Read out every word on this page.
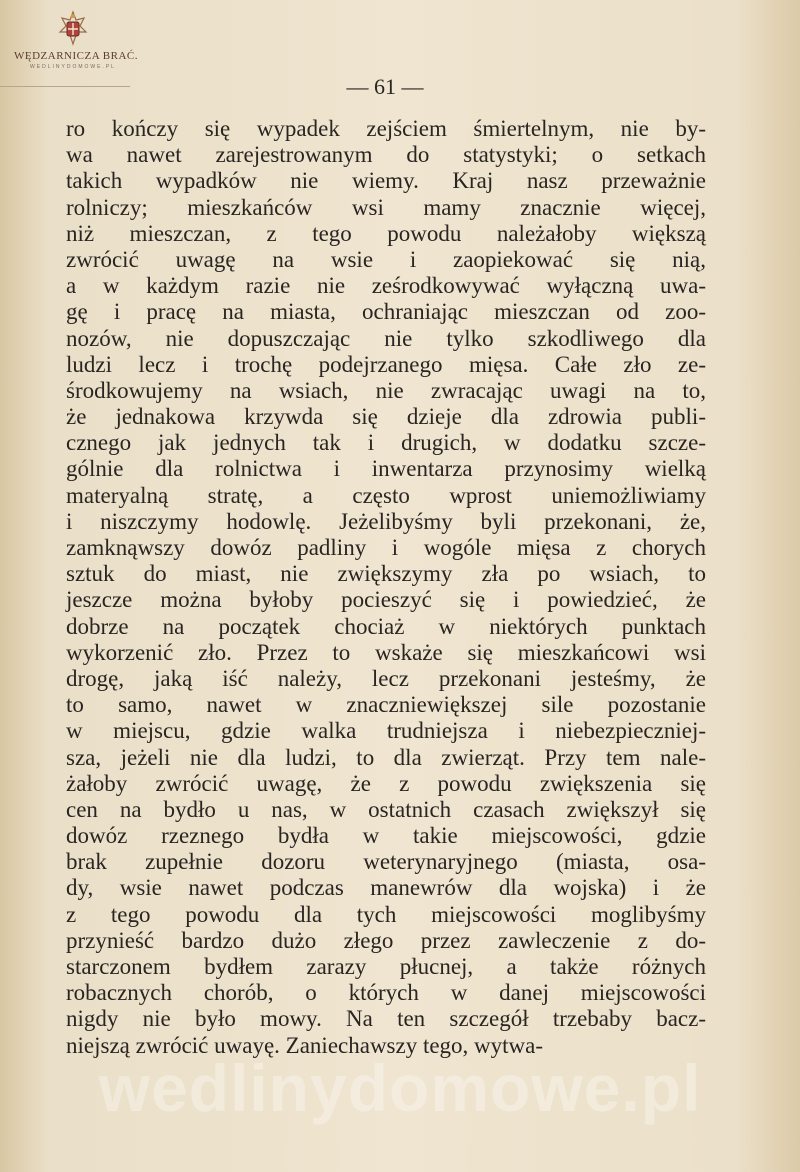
WĘDZARNICZA BRAĆ.
WEDLINYDOMOWE.PL
— 61 —
ro kończy się wypadek zejściem śmiertelnym, nie by-
wa nawet zarejestrowanym do statystyki; o setkach
takich wypadków nie wiemy. Kraj nasz przeważnie
rolniczy; mieszkańców wsi mamy znacznie więcej,
niż mieszczan, z tego powodu należałoby większą
zwrócić uwagę na wsie i zaopiekować się nią,
a w każdym razie nie ześrodkowywać wyłączną uwa-
gę i pracę na miasta, ochraniając mieszczan od zoo-
nozów, nie dopuszczając nie tylko szkodliwego dla
ludzi lecz i trochę podejrzanego mięsa. Całe zło ze-
środkowujemy na wsiach, nie zwracając uwagi na to,
że jednakowa krzywda się dzieje dla zdrowia publi-
cznego jak jednych tak i drugich, w dodatku szcze-
gólnie dla rolnictwa i inwentarza przynosimy wielką
materyalną stratę, a często wprost uniemożliwiamy
i niszczymy hodowlę. Jeżelibyśmy byli przekonani, że,
zamknąwszy dowóz padliny i wogóle mięsa z chorych
sztuk do miast, nie zwiększymy zła po wsiach, to
jeszcze można byłoby pocieszyć się i powiedzieć, że
dobrze na początek chociaż w niektórych punktach
wykorzenić zło. Przez to wskaże się mieszkańcowi wsi
drogę, jaką iść należy, lecz przekonani jesteśmy, że
to samo, nawet w znaczniewiększej sile pozostanie
w miejscu, gdzie walka trudniejsza i niebezpieczniej-
sza, jeżeli nie dla ludzi, to dla zwierząt. Przy tem nale-
żałoby zwrócić uwagę, że z powodu zwiększenia się
cen na bydło u nas, w ostatnich czasach zwiększył się
dowóz rzeznego bydła w takie miejscowości, gdzie
brak zupełnie dozoru weterynaryjnego (miasta, osa-
dy, wsie nawet podczas manewrów dla wojska) i że
z tego powodu dla tych miejscowości moglibyśmy
przynieść bardzo dużo złego przez zawleczenie z do-
starczonem bydłem zarazy płucnej, a także różnych
robacznych chorób, o których w danej miejscowości
nigdy nie było mowy. Na ten szczegół trzebaby bacz-
niejszą zwrócić uwayę. Zaniechawszy tego, wytwa-
wedlinydomowe.pl
